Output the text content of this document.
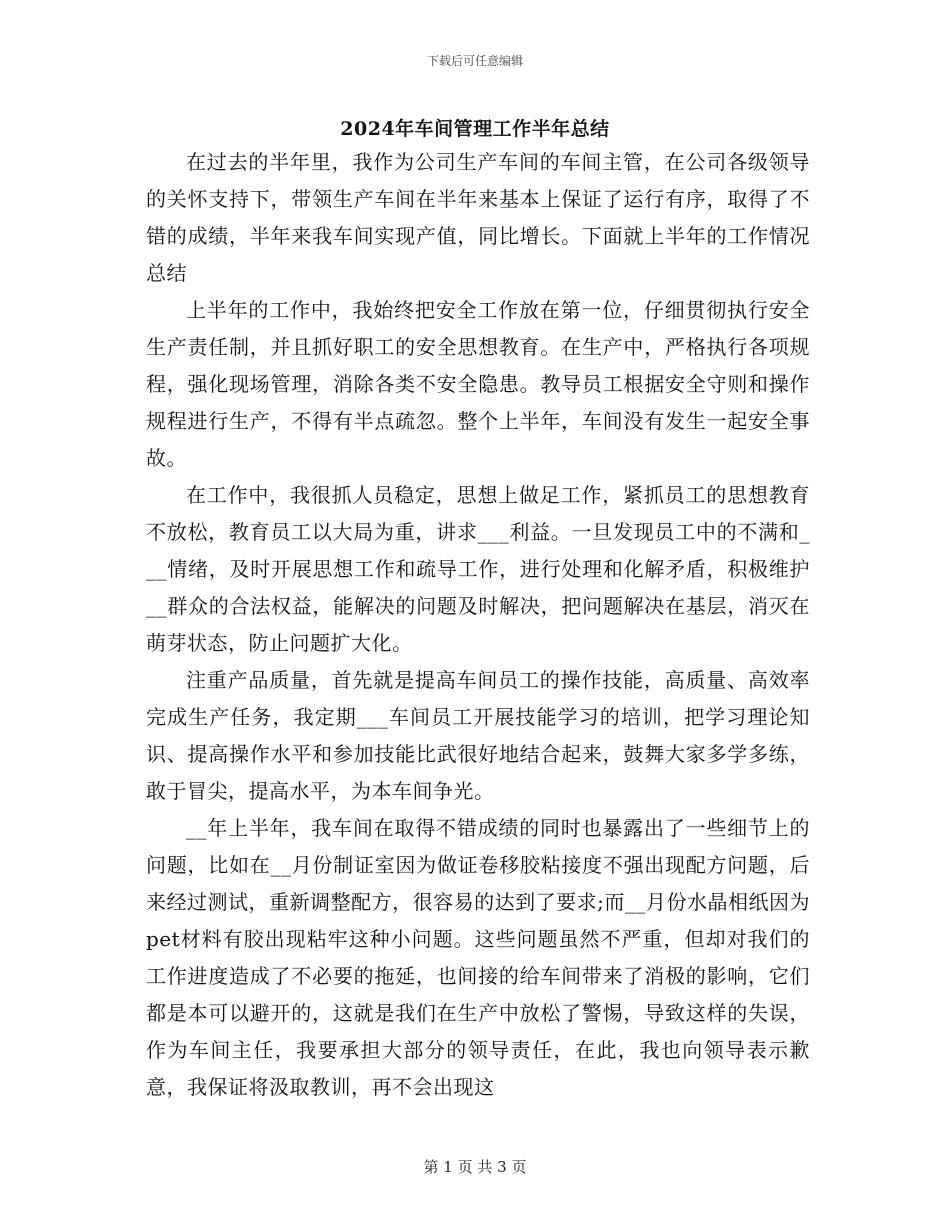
下载后可任意编辑
2024年车间管理工作半年总结

在过去的半年里，我作为公司生产车间的车间主管，在公司各级领导的关怀支持下，带领生产车间在半年来基本上保证了运行有序，取得了不错的成绩，半年来我车间实现产值，同比增长。下面就上半年的工作情况总结

上半年的工作中，我始终把安全工作放在第一位，仔细贯彻执行安全生产责任制，并且抓好职工的安全思想教育。在生产中，严格执行各项规程，强化现场管理，消除各类不安全隐患。教导员工根据安全守则和操作规程进行生产，不得有半点疏忽。整个上半年，车间没有发生一起安全事故。

在工作中，我很抓人员稳定，思想上做足工作，紧抓员工的思想教育不放松，教育员工以大局为重，讲求___利益。一旦发现员工中的不满和___情绪，及时开展思想工作和疏导工作，进行处理和化解矛盾，积极维护__群众的合法权益，能解决的问题及时解决，把问题解决在基层，消灭在萌芽状态，防止问题扩大化。

注重产品质量，首先就是提高车间员工的操作技能，高质量、高效率完成生产任务，我定期___车间员工开展技能学习的培训，把学习理论知识、提高操作水平和参加技能比武很好地结合起来，鼓舞大家多学多练，敢于冒尖，提高水平，为本车间争光。

__年上半年，我车间在取得不错成绩的同时也暴露出了一些细节上的问题，比如在__月份制证室因为做证卷移胶粘接度不强出现配方问题，后来经过测试，重新调整配方，很容易的达到了要求;而__月份水晶相纸因为pet材料有胶出现粘牢这种小问题。这些问题虽然不严重，但却对我们的工作进度造成了不必要的拖延，也间接的给车间带来了消极的影响，它们都是本可以避开的，这就是我们在生产中放松了警惕，导致这样的失误，作为车间主任，我要承担大部分的领导责任，在此，我也向领导表示歉意，我保证将汲取教训，再不会出现这

第 1 页 共 3 页
